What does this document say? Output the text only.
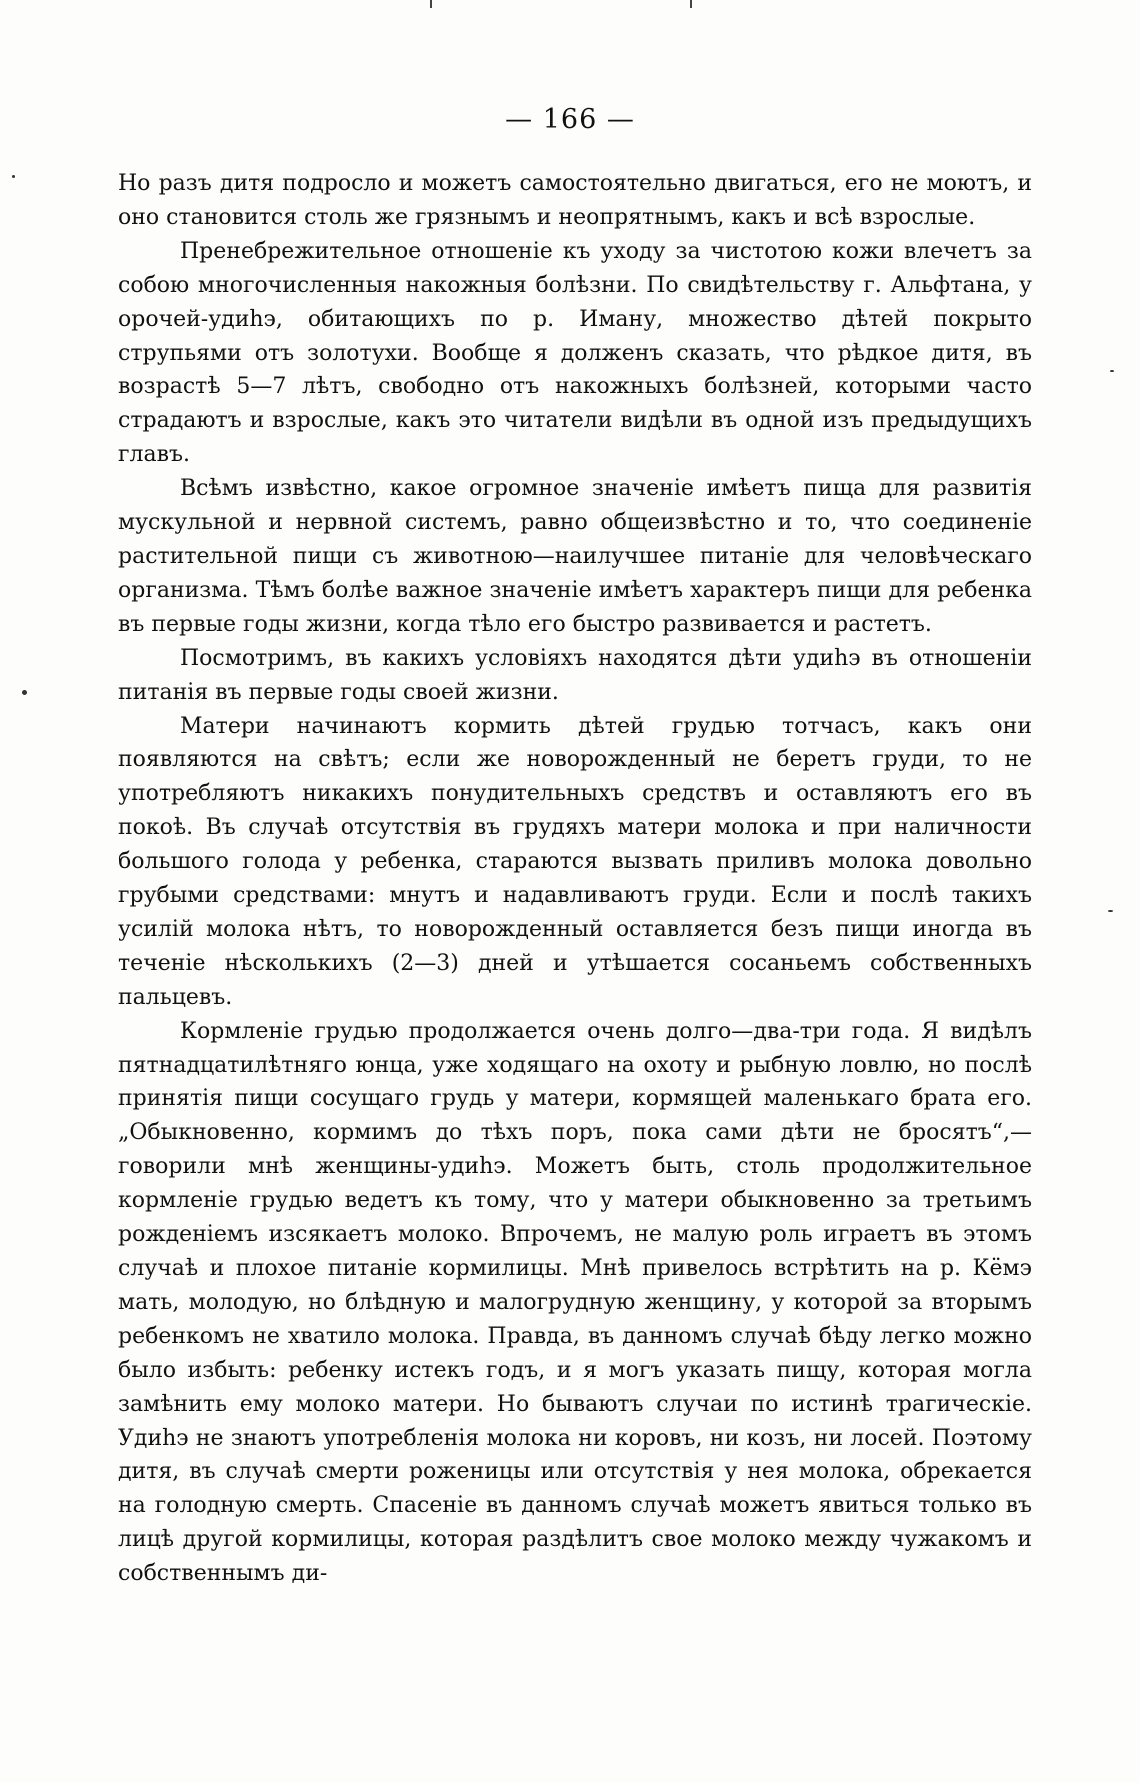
— 166 —

Но разъ дитя подросло и можетъ самостоятельно двигаться, его не моютъ, и оно становится столь же грязнымъ и неопрятнымъ, какъ и всѣ взрослые.

Пренебрежительное отношеніе къ уходу за чистотою кожи влечетъ за собою многочисленныя накожныя болѣзни. По свидѣтельству г. Альфтана, у орочей-удиһэ, обитающихъ по р. Иману, множество дѣтей покрыто струпьями отъ золотухи. Вообще я долженъ сказать, что рѣдкое дитя, въ возрастѣ 5—7 лѣтъ, свободно отъ накожныхъ болѣзней, которыми часто страдаютъ и взрослые, какъ это читатели видѣли въ одной изъ предыдущихъ главъ.

Всѣмъ извѣстно, какое огромное значеніе имѣетъ пища для развитія мускульной и нервной системъ, равно общеизвѣстно и то, что соединеніе растительной пищи съ животною—наилучшее питаніе для человѣческаго организма. Тѣмъ болѣе важное значеніе имѣетъ характеръ пищи для ребенка въ первые годы жизни, когда тѣло его быстро развивается и растетъ.

Посмотримъ, въ какихъ условіяхъ находятся дѣти удиһэ въ отношеніи питанія въ первые годы своей жизни.

Матери начинаютъ кормить дѣтей грудью тотчасъ, какъ они появляются на свѣтъ; если же новорожденный не беретъ груди, то не употребляютъ никакихъ понудительныхъ средствъ и оставляютъ его въ покоѣ. Въ случаѣ отсутствія въ грудяхъ матери молока и при наличности большого голода у ребенка, стараются вызвать приливъ молока довольно грубыми средствами: мнутъ и надавливаютъ груди. Если и послѣ такихъ усилій молока нѣтъ, то новорожденный оставляется безъ пищи иногда въ теченіе нѣсколькихъ (2—3) дней и утѣшается сосаньемъ собственныхъ пальцевъ.

Кормленіе грудью продолжается очень долго—два-три года. Я видѣлъ пятнадцатилѣтняго юнца, уже ходящаго на охоту и рыбную ловлю, но послѣ принятія пищи сосущаго грудь у матери, кормящей маленькаго брата его. „Обыкновенно, кормимъ до тѣхъ поръ, пока сами дѣти не бросятъ“,—говорили мнѣ женщины-удиһэ. Можетъ быть, столь продолжительное кормленіе грудью ведетъ къ тому, что у матери обыкновенно за третьимъ рожденіемъ изсякаетъ молоко. Впрочемъ, не малую роль играетъ въ этомъ случаѣ и плохое питаніе кормилицы. Мнѣ привелось встрѣтить на р. Кёмэ мать, молодую, но блѣдную и малогрудную женщину, у которой за вторымъ ребенкомъ не хватило молока. Правда, въ данномъ случаѣ бѣду легко можно было избыть: ребенку истекъ годъ, и я могъ указать пищу, которая могла замѣнить ему молоко матери. Но бываютъ случаи по истинѣ трагическіе. Удиһэ не знаютъ употребленія молока ни коровъ, ни козъ, ни лосей. Поэтому дитя, въ случаѣ смерти роженицы или отсутствія у нея молока, обрекается на голодную смерть. Спасеніе въ данномъ случаѣ можетъ явиться только въ лицѣ другой кормилицы, которая раздѣлитъ свое молоко между чужакомъ и собственнымъ ди-
